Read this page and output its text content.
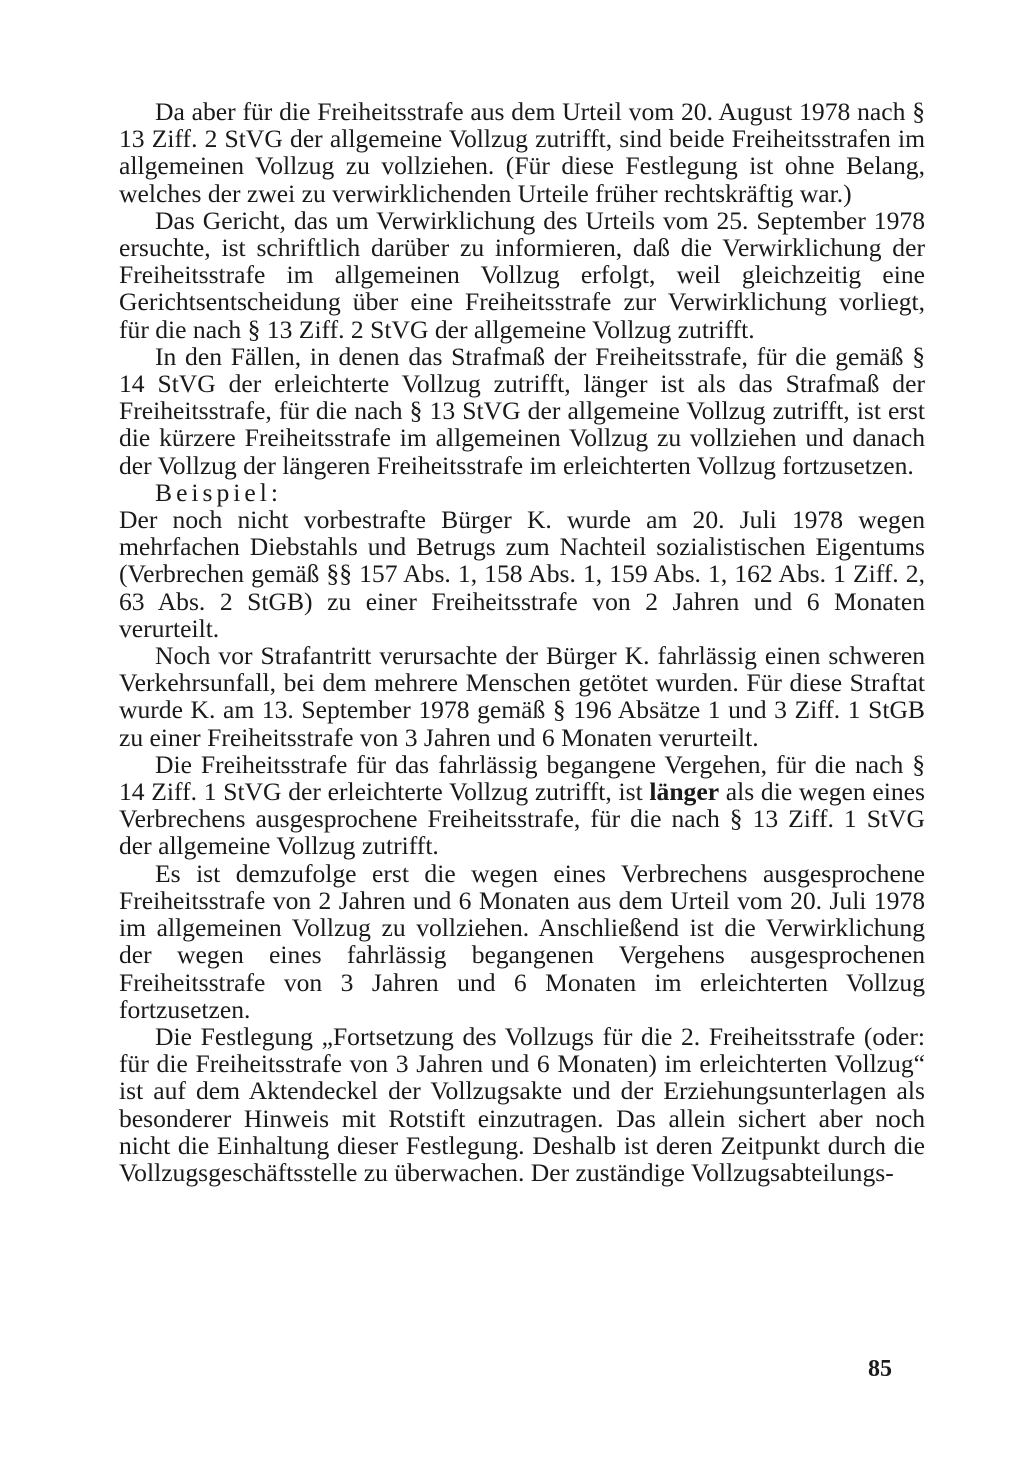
Da aber für die Freiheitsstrafe aus dem Urteil vom 20. August 1978 nach § 13 Ziff. 2 StVG der allgemeine Vollzug zutrifft, sind beide Freiheitsstrafen im allgemeinen Vollzug zu vollziehen. (Für diese Festlegung ist ohne Belang, welches der zwei zu verwirklichenden Urteile früher rechtskräftig war.)

Das Gericht, das um Verwirklichung des Urteils vom 25. September 1978 ersuchte, ist schriftlich darüber zu informieren, daß die Verwirklichung der Freiheitsstrafe im allgemeinen Vollzug erfolgt, weil gleichzeitig eine Gerichtsentscheidung über eine Freiheitsstrafe zur Verwirklichung vorliegt, für die nach § 13 Ziff. 2 StVG der allgemeine Vollzug zutrifft.

In den Fällen, in denen das Strafmaß der Freiheitsstrafe, für die gemäß § 14 StVG der erleichterte Vollzug zutrifft, länger ist als das Strafmaß der Freiheitsstrafe, für die nach § 13 StVG der allgemeine Vollzug zutrifft, ist erst die kürzere Freiheitsstrafe im allgemeinen Vollzug zu vollziehen und danach der Vollzug der längeren Freiheitsstrafe im erleichterten Vollzug fortzusetzen.

Beispiel:

Der noch nicht vorbestrafte Bürger K. wurde am 20. Juli 1978 wegen mehrfachen Diebstahls und Betrugs zum Nachteil sozialistischen Eigentums (Verbrechen gemäß §§ 157 Abs. 1, 158 Abs. 1, 159 Abs. 1, 162 Abs. 1 Ziff. 2, 63 Abs. 2 StGB) zu einer Freiheitsstrafe von 2 Jahren und 6 Monaten verurteilt.

Noch vor Strafantritt verursachte der Bürger K. fahrlässig einen schweren Verkehrsunfall, bei dem mehrere Menschen getötet wurden. Für diese Straftat wurde K. am 13. September 1978 gemäß § 196 Absätze 1 und 3 Ziff. 1 StGB zu einer Freiheitsstrafe von 3 Jahren und 6 Monaten verurteilt.

Die Freiheitsstrafe für das fahrlässig begangene Vergehen, für die nach § 14 Ziff. 1 StVG der erleichterte Vollzug zutrifft, ist länger als die wegen eines Verbrechens ausgesprochene Freiheitsstrafe, für die nach § 13 Ziff. 1 StVG der allgemeine Vollzug zutrifft.

Es ist demzufolge erst die wegen eines Verbrechens ausgesprochene Freiheitsstrafe von 2 Jahren und 6 Monaten aus dem Urteil vom 20. Juli 1978 im allgemeinen Vollzug zu vollziehen. Anschließend ist die Verwirklichung der wegen eines fahrlässig begangenen Vergehens ausgesprochenen Freiheitsstrafe von 3 Jahren und 6 Monaten im erleichterten Vollzug fortzusetzen.

Die Festlegung „Fortsetzung des Vollzugs für die 2. Freiheitsstrafe (oder: für die Freiheitsstrafe von 3 Jahren und 6 Monaten) im erleichterten Vollzug“ ist auf dem Aktendeckel der Vollzugsakte und der Erziehungsunterlagen als besonderer Hinweis mit Rotstift einzutragen. Das allein sichert aber noch nicht die Einhaltung dieser Festlegung. Deshalb ist deren Zeitpunkt durch die Vollzugsgeschäftsstelle zu überwachen. Der zuständige Vollzugsabteilungs-

85
